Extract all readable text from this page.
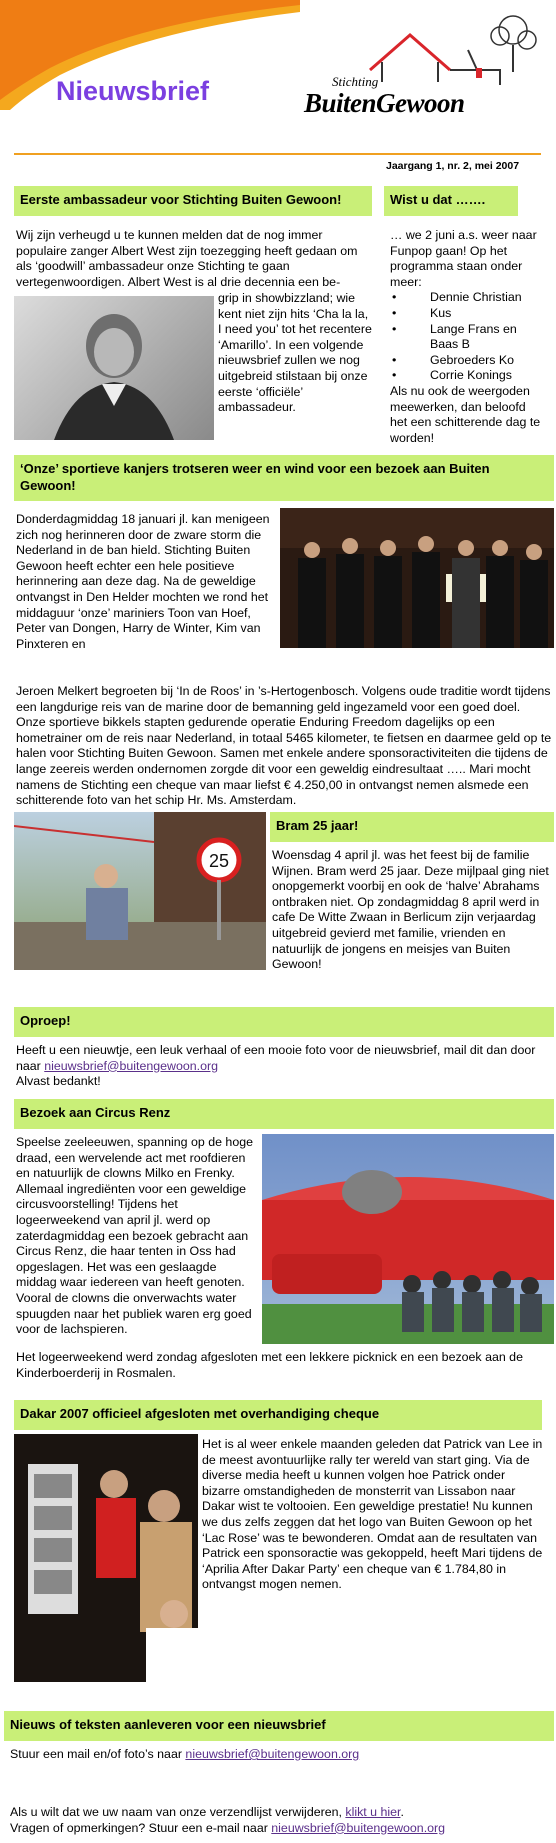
Nieuwsbrief	Stichting
BuitenGewoon
Jaargang 1, nr. 2, mei 2007
Eerste ambassadeur voor Stichting Buiten Gewoon!
Wij zijn verheugd u te kunnen melden dat de nog immer populaire zanger Albert West zijn toezegging heeft gedaan om als ‘goodwill’ ambassadeur onze Stichting te gaan vertegenwoordigen. Albert West is al drie decennia een be-
grip in showbizzland; wie kent niet zijn hits ‘Cha la la, I need you’ tot het recentere ‘Amarillo’. In een volgende nieuwsbrief zullen we nog uitgebreid stilstaan bij onze eerste ‘officiële’ ambassadeur.
Wist u dat …….
… we 2 juni a.s. weer naar Funpop gaan! Op het programma staan onder meer:
• Dennie Christian
• Kus
• Lange Frans en Baas B
• Gebroeders Ko
• Corrie Konings
Als nu ook de weergoden meewerken, dan beloofd het een schitterende dag te worden!
‘Onze’ sportieve kanjers trotseren weer en wind voor een bezoek aan Buiten Gewoon!
Donderdagmiddag 18 januari jl. kan menigeen zich nog herinneren door de zware storm die Nederland in de ban hield. Stichting Buiten Gewoon heeft echter een hele positieve herinnering aan deze dag. Na de geweldige ontvangst in Den Helder mochten we rond het middaguur ‘onze’ mariniers Toon van Hoef, Peter van Dongen, Harry de Winter, Kim van Pinxteren en
Jeroen Melkert begroeten bij ‘In de Roos’ in ’s-Hertogenbosch. Volgens oude traditie wordt tijdens een langdurige reis van de marine door de bemanning geld ingezameld voor een goed doel. Onze sportieve bikkels stapten gedurende operatie Enduring Freedom dagelijks op een hometrainer om de reis naar Nederland, in totaal 5465 kilometer, te fietsen en daarmee geld op te halen voor Stichting Buiten Gewoon. Samen met enkele andere sponsoractiviteiten die tijdens de lange zeereis werden ondernomen zorgde dit voor een geweldig eindresultaat ….. Mari mocht namens de Stichting een cheque van maar liefst € 4.250,00 in ontvangst nemen alsmede een schitterende foto van het schip Hr. Ms. Amsterdam.
25
Bram 25 jaar!
Woensdag 4 april jl. was het feest bij de familie Wijnen. Bram werd 25 jaar. Deze mijlpaal ging niet onopgemerkt voorbij en ook de ‘halve’ Abrahams ontbraken niet. Op zondagmiddag 8 april werd in cafe De Witte Zwaan in Berlicum zijn verjaardag uitgebreid gevierd met familie, vrienden en natuurlijk de jongens en meisjes van Buiten Gewoon!
Oproep!
Heeft u een nieuwtje, een leuk verhaal of een mooie foto voor de nieuwsbrief, mail dit dan door naar nieuwsbrief@buitengewoon.org
Alvast bedankt!
Bezoek aan Circus Renz
Speelse zeeleeuwen, spanning op de hoge draad, een wervelende act met roofdieren en natuurlijk de clowns Milko en Frenky. Allemaal ingrediënten voor een geweldige circusvoorstelling! Tijdens het logeerweekend van april jl. werd op zaterdagmiddag een bezoek gebracht aan Circus Renz, die haar tenten in Oss had opgeslagen. Het was een geslaagde middag waar iedereen van heeft genoten. Vooral de clowns die onverwachts water spuugden naar het publiek waren erg goed voor de lachspieren.
Het logeerweekend werd zondag afgesloten met een lekkere picknick en een bezoek aan de Kinderboerderij in Rosmalen.
Dakar 2007 officieel afgesloten met overhandiging cheque
Het is al weer enkele maanden geleden dat Patrick van Lee in de meest avontuurlijke rally ter wereld van start ging. Via de diverse media heeft u kunnen volgen hoe Patrick onder bizarre omstandigheden de monsterrit van Lissabon naar Dakar wist te voltooien. Een geweldige prestatie! Nu kunnen we dus zelfs zeggen dat het logo van Buiten Gewoon op het ‘Lac Rose’ was te bewonderen. Omdat aan de resultaten van Patrick een sponsoractie was gekoppeld, heeft Mari tijdens de ‘Aprilia After Dakar Party’ een cheque van € 1.784,80 in ontvangst mogen nemen.
Nieuws of teksten aanleveren voor een nieuwsbrief
Stuur een mail en/of foto’s naar nieuwsbrief@buitengewoon.org
Als u wilt dat we uw naam van onze verzendlijst verwijderen, klikt u hier.
Vragen of opmerkingen? Stuur een e-mail naar nieuwsbrief@buitengewoon.org
